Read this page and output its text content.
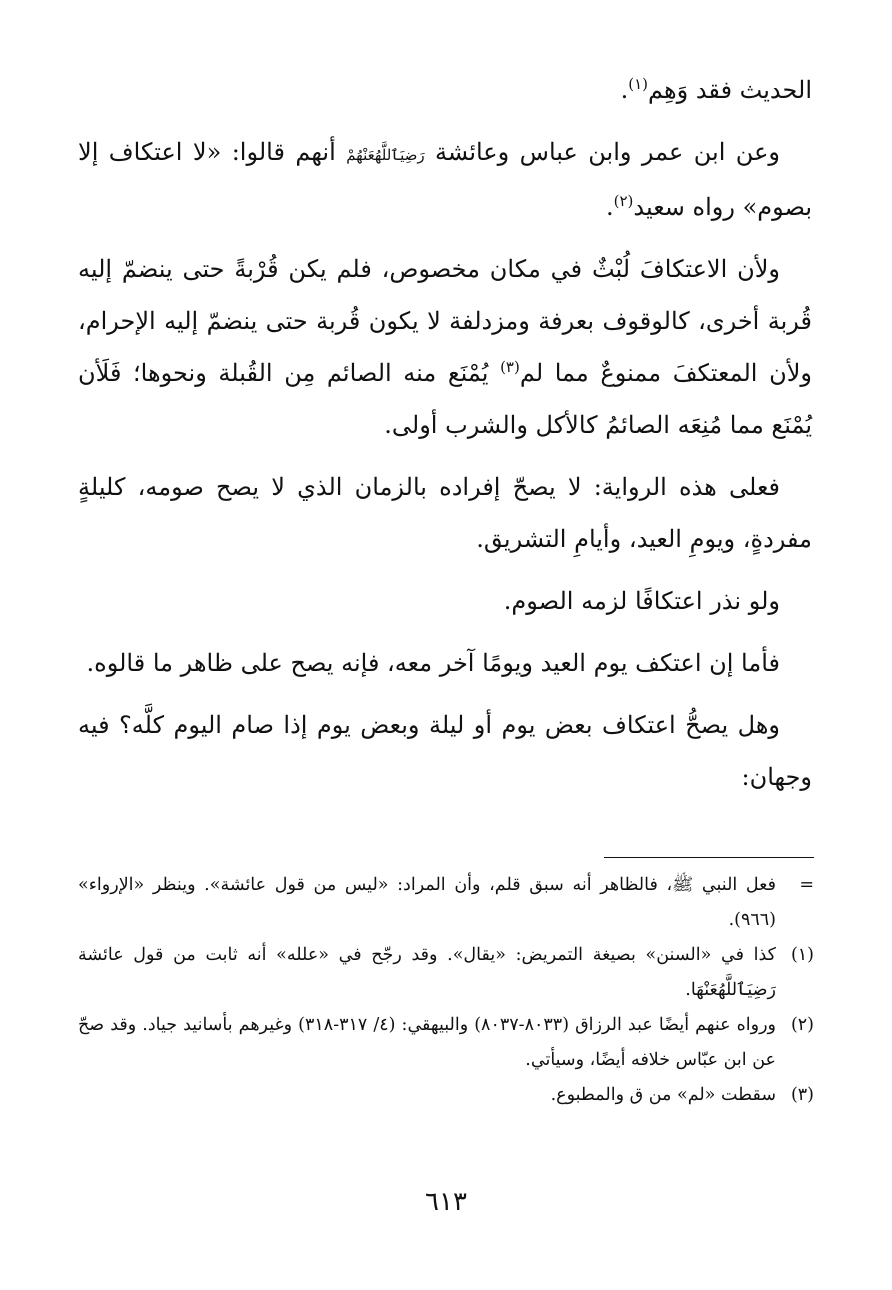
الحديث فقد وَهِم$^{(١)}$.

وعن ابن عمر وابن عباس وعائشة رَضِيَٱللَّهُعَنْهُمْ أنهم قالوا: «لا اعتكاف إلا بصوم» رواه سعيد$^{(٢)}$.

ولأن الاعتكافَ لُبْثٌ في مكان مخصوص، فلم يكن قُرْبةً حتى ينضمّ إليه قُربة أخرى، كالوقوف بعرفة ومزدلفة لا يكون قُربة حتى ينضمّ إليه الإحرام، ولأن المعتكفَ ممنوعٌ مما لم$^{(٣)}$ يُمْنَع منه الصائم مِن القُبلة ونحوها؛ فَلَأن يُمْنَع مما مُنِعَه الصائمُ كالأكل والشرب أولى.

فعلى هذه الرواية: لا يصحّ إفراده بالزمان الذي لا يصح صومه، كليلةٍ مفردةٍ، ويومِ العيد، وأيامِ التشريق.

ولو نذر اعتكافًا لزمه الصوم.

فأما إن اعتكف يوم العيد ويومًا آخر معه، فإنه يصح على ظاهر ما قالوه.

وهل يصحُّ اعتكاف بعض يوم أو ليلة وبعض يوم إذا صام اليوم كلَّه؟ فيه وجهان:

=
فعل النبي ﷺ، فالظاهر أنه سبق قلم، وأن المراد: «ليس من قول عائشة». وينظر «الإرواء» (٩٦٦).
(١)
كذا في «السنن» بصيغة التمريض: «يقال». وقد رجّح في «علله» أنه ثابت من قول عائشة رَضِيَٱللَّهُعَنْهَا.
(٢)
ورواه عنهم أيضًا عبد الرزاق (٨٠٣٣-٨٠٣٧) والبيهقي: (٤/ ٣١٧-٣١٨) وغيرهم بأسانيد جياد. وقد صحّ عن ابن عبّاس خلافه أيضًا، وسيأتي.
(٣)
سقطت «لم» من ق والمطبوع.
٦١٣
